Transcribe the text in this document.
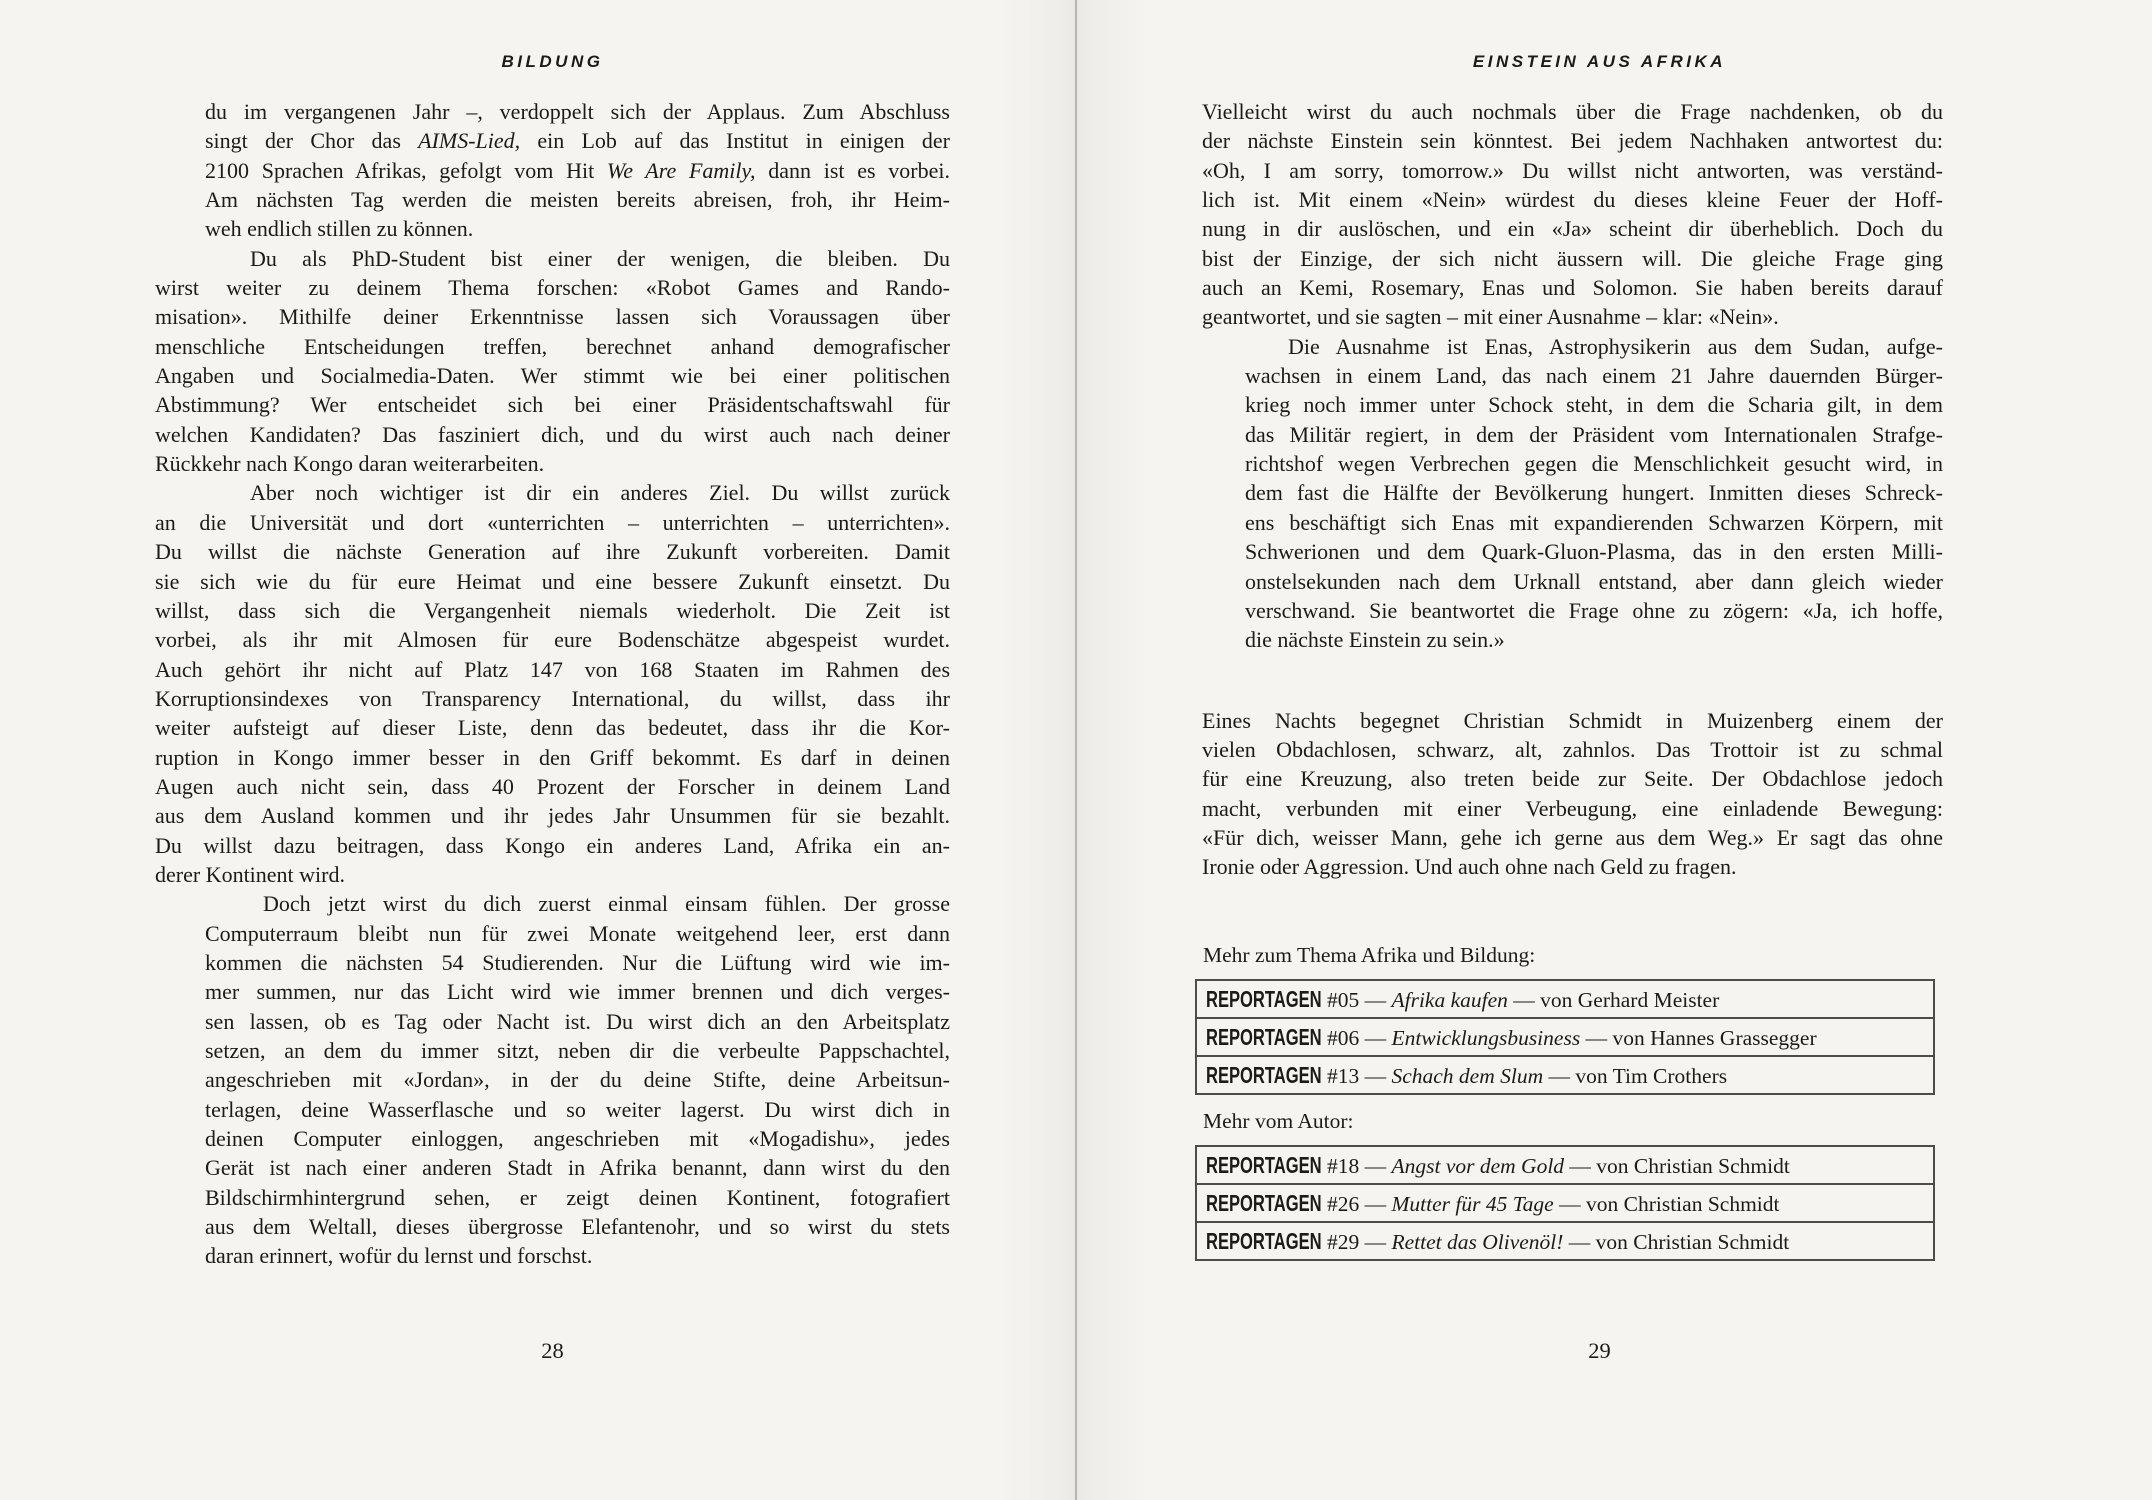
BILDUNG
du im vergangenen Jahr –, verdoppelt sich der Applaus. Zum Abschluss
singt der Chor das AIMS-Lied, ein Lob auf das Institut in einigen der
2100 Sprachen Afrikas, gefolgt vom Hit We Are Family, dann ist es vorbei.
Am nächsten Tag werden die meisten bereits abreisen, froh, ihr Heim-
weh endlich stillen zu können.
Du als PhD-Student bist einer der wenigen, die bleiben. Du
wirst weiter zu deinem Thema forschen: «Robot Games and Rando-
misation». Mithilfe deiner Erkenntnisse lassen sich Voraussagen über
menschliche Entscheidungen treffen, berechnet anhand demografischer
Angaben und Socialmedia-Daten. Wer stimmt wie bei einer politischen
Abstimmung? Wer entscheidet sich bei einer Präsidentschaftswahl für
welchen Kandidaten? Das fasziniert dich, und du wirst auch nach deiner
Rückkehr nach Kongo daran weiterarbeiten.
Aber noch wichtiger ist dir ein anderes Ziel. Du willst zurück
an die Universität und dort «unterrichten – unterrichten – unterrichten».
Du willst die nächste Generation auf ihre Zukunft vorbereiten. Damit
sie sich wie du für eure Heimat und eine bessere Zukunft einsetzt. Du
willst, dass sich die Vergangenheit niemals wiederholt. Die Zeit ist
vorbei, als ihr mit Almosen für eure Bodenschätze abgespeist wurdet.
Auch gehört ihr nicht auf Platz 147 von 168 Staaten im Rahmen des
Korruptionsindexes von Transparency International, du willst, dass ihr
weiter aufsteigt auf dieser Liste, denn das bedeutet, dass ihr die Kor-
ruption in Kongo immer besser in den Griff bekommt. Es darf in deinen
Augen auch nicht sein, dass 40 Prozent der Forscher in deinem Land
aus dem Ausland kommen und ihr jedes Jahr Unsummen für sie bezahlt.
Du willst dazu beitragen, dass Kongo ein anderes Land, Afrika ein an-
derer Kontinent wird.
Doch jetzt wirst du dich zuerst einmal einsam fühlen. Der grosse
Computerraum bleibt nun für zwei Monate weitgehend leer, erst dann
kommen die nächsten 54 Studierenden. Nur die Lüftung wird wie im-
mer summen, nur das Licht wird wie immer brennen und dich verges-
sen lassen, ob es Tag oder Nacht ist. Du wirst dich an den Arbeitsplatz
setzen, an dem du immer sitzt, neben dir die verbeulte Pappschachtel,
angeschrieben mit «Jordan», in der du deine Stifte, deine Arbeitsun-
terlagen, deine Wasserflasche und so weiter lagerst. Du wirst dich in
deinen Computer einloggen, angeschrieben mit «Mogadishu», jedes
Gerät ist nach einer anderen Stadt in Afrika benannt, dann wirst du den
Bildschirmhintergrund sehen, er zeigt deinen Kontinent, fotografiert
aus dem Weltall, dieses übergrosse Elefantenohr, und so wirst du stets
daran erinnert, wofür du lernst und forschst.
28
EINSTEIN AUS AFRIKA
Vielleicht wirst du auch nochmals über die Frage nachdenken, ob du
der nächste Einstein sein könntest. Bei jedem Nachhaken antwortest du:
«Oh, I am sorry, tomorrow.» Du willst nicht antworten, was verständ-
lich ist. Mit einem «Nein» würdest du dieses kleine Feuer der Hoff-
nung in dir auslöschen, und ein «Ja» scheint dir überheblich. Doch du
bist der Einzige, der sich nicht äussern will. Die gleiche Frage ging
auch an Kemi, Rosemary, Enas und Solomon. Sie haben bereits darauf
geantwortet, und sie sagten – mit einer Ausnahme – klar: «Nein».
Die Ausnahme ist Enas, Astrophysikerin aus dem Sudan, aufge-
wachsen in einem Land, das nach einem 21 Jahre dauernden Bürger-
krieg noch immer unter Schock steht, in dem die Scharia gilt, in dem
das Militär regiert, in dem der Präsident vom Internationalen Strafge-
richtshof wegen Verbrechen gegen die Menschlichkeit gesucht wird, in
dem fast die Hälfte der Bevölkerung hungert. Inmitten dieses Schreck-
ens beschäftigt sich Enas mit expandierenden Schwarzen Körpern, mit
Schwerionen und dem Quark-Gluon-Plasma, das in den ersten Milli-
onstelsekunden nach dem Urknall entstand, aber dann gleich wieder
verschwand. Sie beantwortet die Frage ohne zu zögern: «Ja, ich hoffe,
die nächste Einstein zu sein.»
Eines Nachts begegnet Christian Schmidt in Muizenberg einem der
vielen Obdachlosen, schwarz, alt, zahnlos. Das Trottoir ist zu schmal
für eine Kreuzung, also treten beide zur Seite. Der Obdachlose jedoch
macht, verbunden mit einer Verbeugung, eine einladende Bewegung:
«Für dich, weisser Mann, gehe ich gerne aus dem Weg.» Er sagt das ohne
Ironie oder Aggression. Und auch ohne nach Geld zu fragen.
Mehr zum Thema Afrika und Bildung:
REPORTAGEN #05 — Afrika kaufen — von Gerhard Meister
REPORTAGEN #06 — Entwicklungsbusiness — von Hannes Grassegger
REPORTAGEN #13 — Schach dem Slum — von Tim Crothers
Mehr vom Autor:
REPORTAGEN #18 — Angst vor dem Gold — von Christian Schmidt
REPORTAGEN #26 — Mutter für 45 Tage — von Christian Schmidt
REPORTAGEN #29 — Rettet das Olivenöl! — von Christian Schmidt
29
